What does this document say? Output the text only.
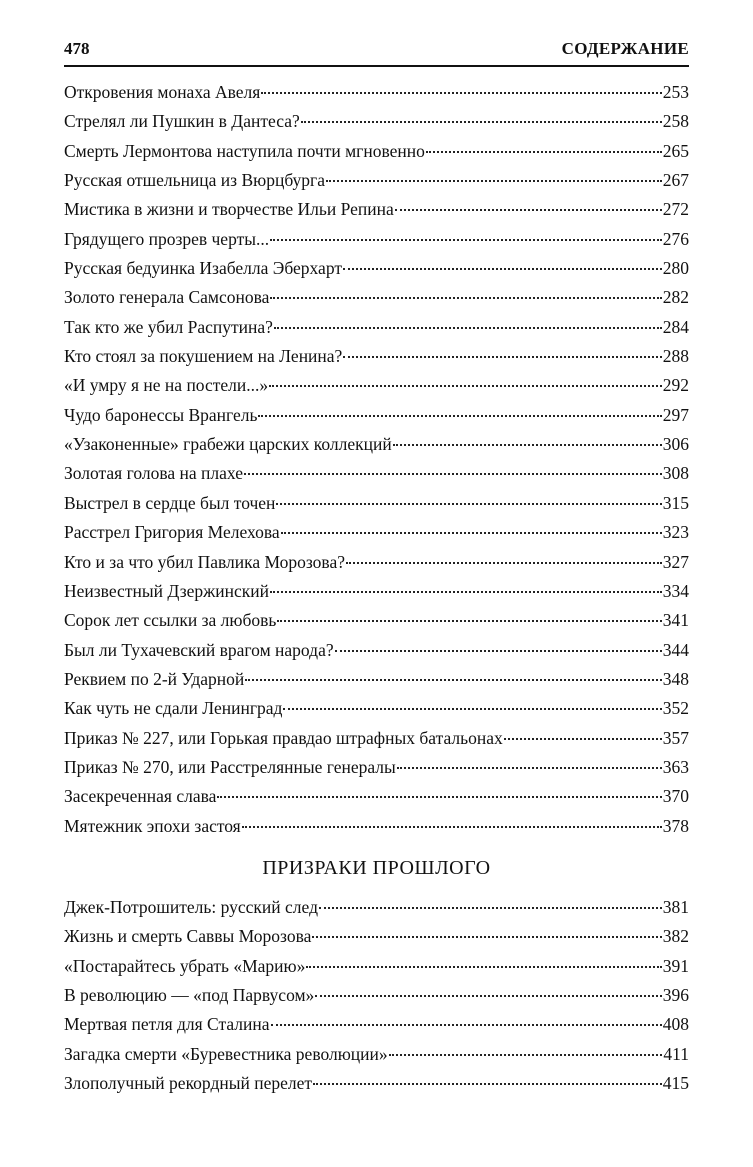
478	СОДЕРЖАНИЕ
Откровения монаха Авеля	253
Стрелял ли Пушкин в Дантеса?	258
Смерть Лермонтова наступила почти мгновенно	265
Русская отшельница из Вюрцбурга	267
Мистика в жизни и творчестве Ильи Репина	272
Грядущего прозрев черты...	276
Русская бедуинка Изабелла Эберхарт	280
Золото генерала Самсонова	282
Так кто же убил Распутина?	284
Кто стоял за покушением на Ленина?	288
«И умру я не на постели...»	292
Чудо баронессы Врангель	297
«Узаконенные» грабежи царских коллекций	306
Золотая голова на плахе	308
Выстрел в сердце был точен	315
Расстрел Григория Мелехова	323
Кто и за что убил Павлика Морозова?	327
Неизвестный Дзержинский	334
Сорок лет ссылки за любовь	341
Был ли Тухачевский врагом народа?	344
Реквием по 2-й Ударной	348
Как чуть не сдали Ленинград	352
Приказ № 227, или Горькая правдао штрафных батальонах	357
Приказ № 270, или Расстрелянные генералы	363
Засекреченная слава	370
Мятежник эпохи застоя	378
ПРИЗРАКИ ПРОШЛОГО
Джек-Потрошитель: русский след	381
Жизнь и смерть Саввы Морозова	382
«Постарайтесь убрать «Марию»	391
В революцию — «под Парвусом»	396
Мертвая петля для Сталина	408
Загадка смерти «Буревестника революции»	411
Злополучный рекордный перелет	415
